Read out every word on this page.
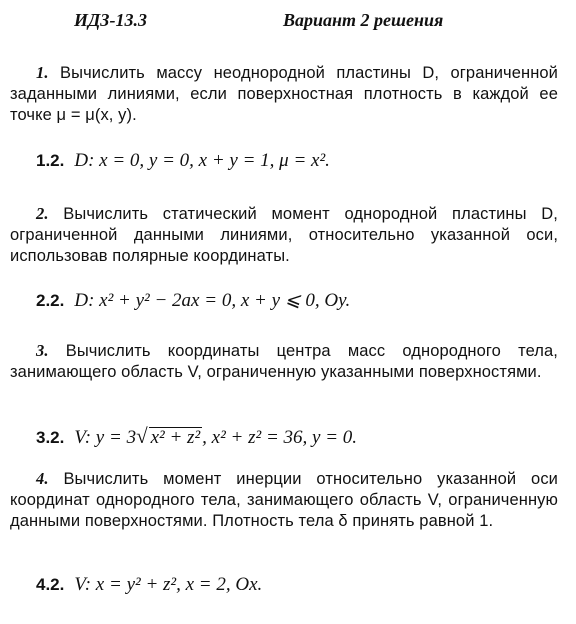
ИДЗ-13.3	Вариант 2 решения
1. Вычислить массу неоднородной пластины D, ограниченной заданными линиями, если поверхностная плотность в каждой ее точке μ = μ(x, y).
1.2. D: x = 0, y = 0, x + y = 1, μ = x².
2. Вычислить статический момент однородной пластины D, ограниченной данными линиями, относительно указанной оси, использовав полярные координаты.
2.2. D: x² + y² − 2ax = 0, x + y ⩽ 0, Oy.
3. Вычислить координаты центра масс однородного тела, занимающего область V, ограниченную указанными поверхностями.
3.2. V: y = 3√ x² + z² , x² + z² = 36, y = 0.
4. Вычислить момент инерции относительно указанной оси координат однородного тела, занимающего область V, ограниченную данными поверхностями. Плотность тела δ принять равной 1.
4.2. V: x = y² + z², x = 2, Ox.
